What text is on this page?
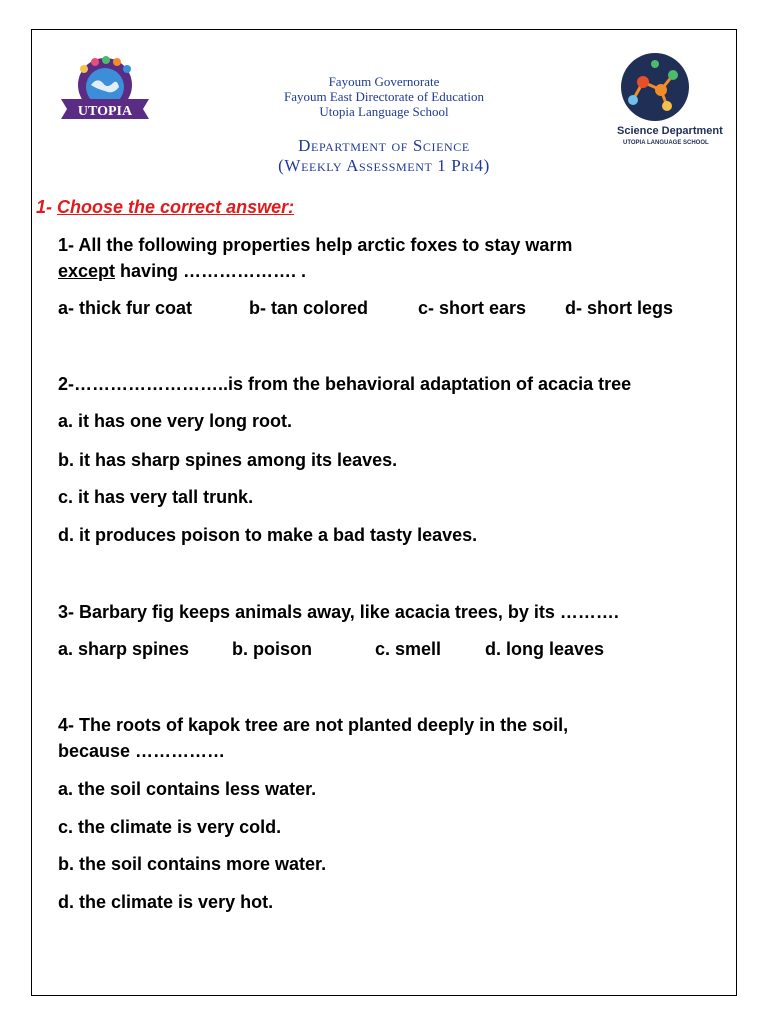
UTOPIA
Science Department
UTOPIA LANGUAGE SCHOOL
Fayoum Governorate
Fayoum East Directorate of Education
Utopia Language School
Department of Science
(Weekly Assessment 1 Pri4)
1- Choose the correct answer:
1- All the following properties help arctic foxes to stay warm
except having ………………. .
a- thick fur coat	b- tan colored	c- short ears d- short legs
2-……………………..is from the behavioral adaptation of acacia tree
a. it has one very long root.
b. it has sharp spines among its leaves.
c. it has very tall trunk.
d. it produces poison to make a bad tasty leaves.
3- Barbary fig keeps animals away, like acacia trees, by its ……….
a. sharp spines b. poison	c. smell d. long leaves
4- The roots of kapok tree are not planted deeply in the soil,
because ……………
a. the soil contains less water.
c. the climate is very cold.
b. the soil contains more water.
d. the climate is very hot.
